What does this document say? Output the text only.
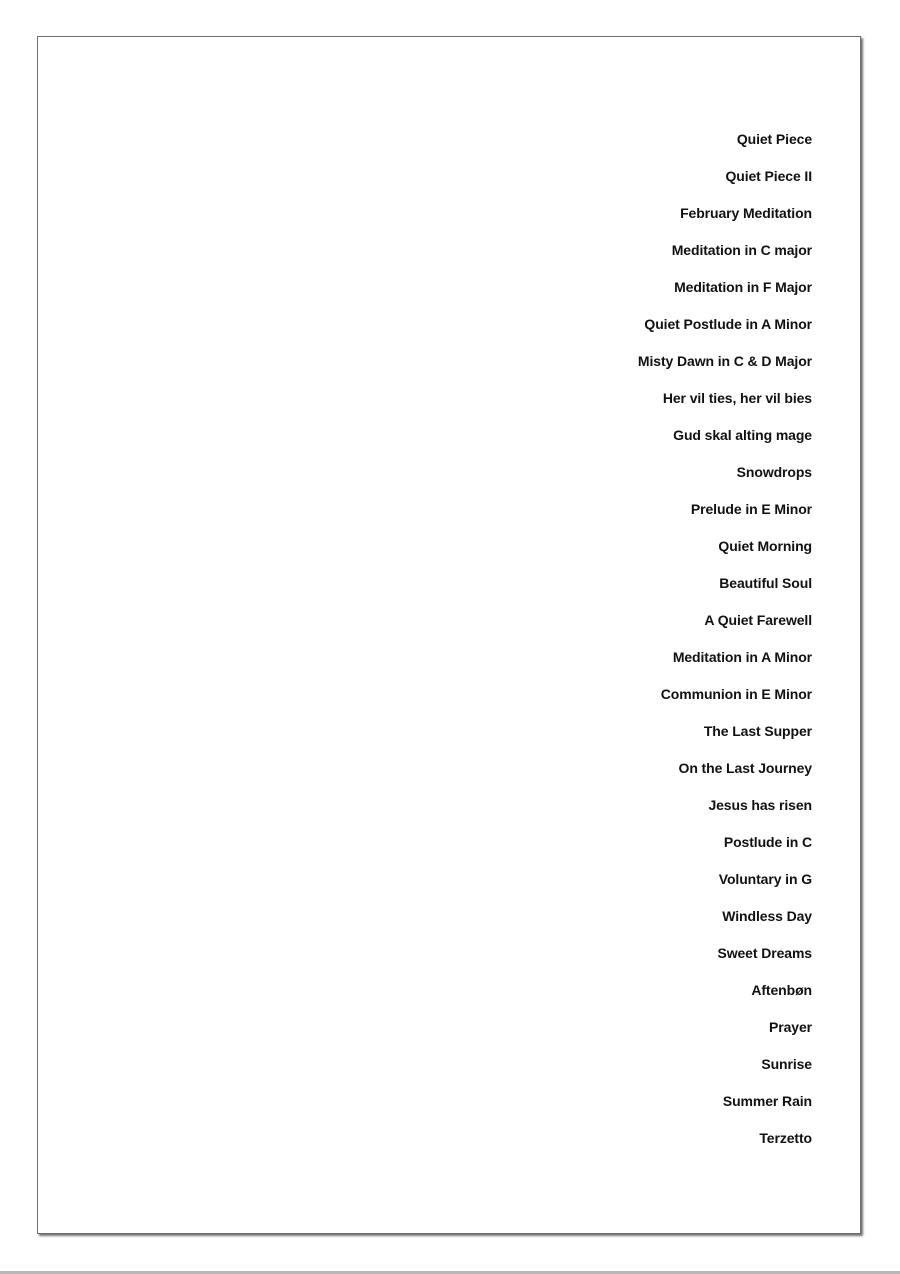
Quiet Piece
Quiet Piece II
February Meditation
Meditation in C major
Meditation in F Major
Quiet Postlude in A Minor
Misty Dawn in C & D Major
Her vil ties, her vil bies
Gud skal alting mage
Snowdrops
Prelude in E Minor
Quiet Morning
Beautiful Soul
A Quiet Farewell
Meditation in A Minor
Communion in E Minor
The Last Supper
On the Last Journey
Jesus has risen
Postlude in C
Voluntary in G
Windless Day
Sweet Dreams
Aftenbøn
Prayer
Sunrise
Summer Rain
Terzetto
